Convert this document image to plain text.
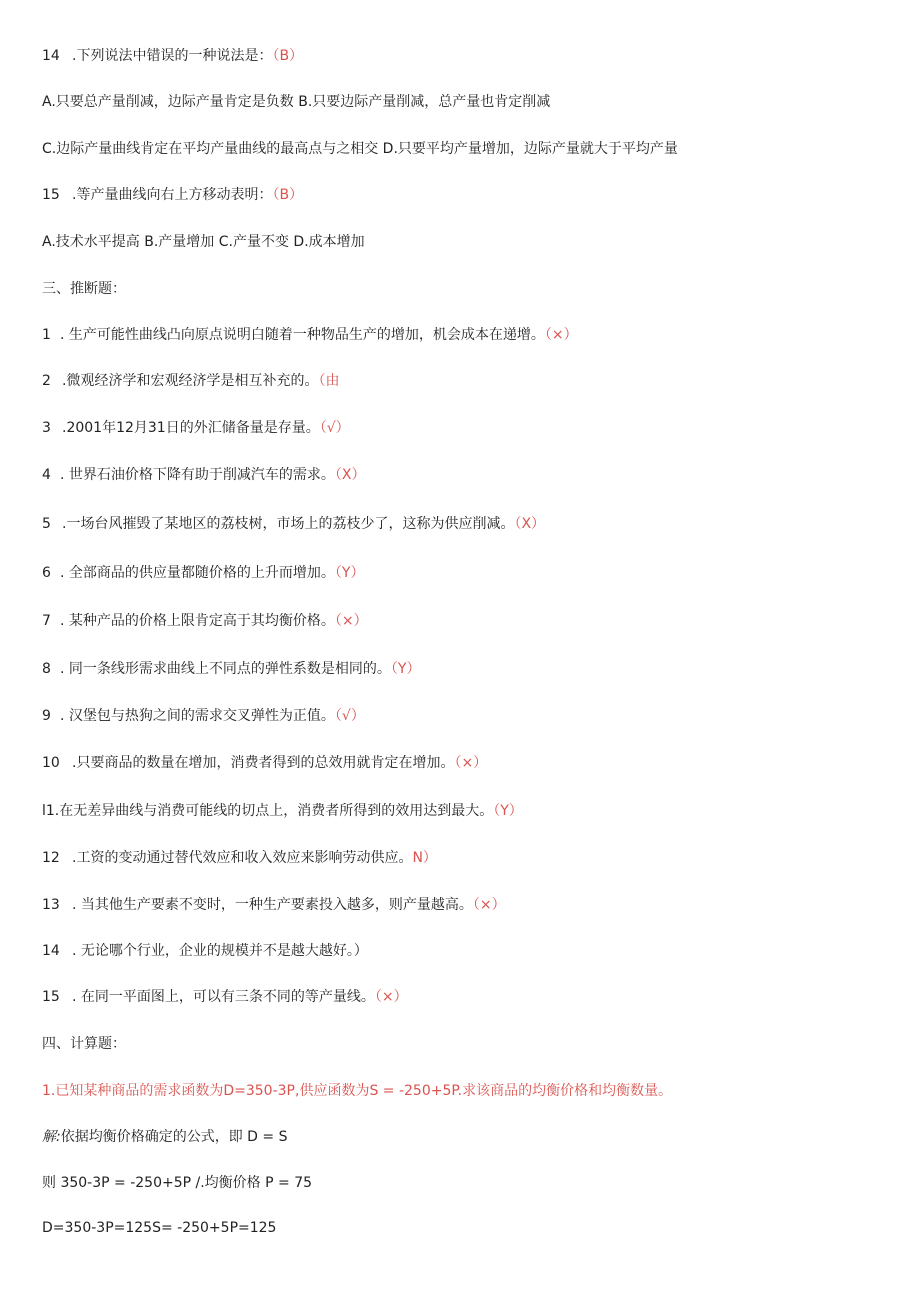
14 .下列说法中错误的一种说法是：（B）
A.只要总产量削减，边际产量肯定是负数 B.只要边际产量削减，总产量也肯定削减
C.边际产量曲线肯定在平均产量曲线的最高点与之相交 D.只要平均产量增加，边际产量就大于平均产量
15 .等产量曲线向右上方移动表明：（B）
A.技术水平提高 B.产量增加 C.产量不变 D.成本增加
三、推断题：
1 . 生产可能性曲线凸向原点说明白随着一种物品生产的增加，机会成本在递增。（×）
2 .微观经济学和宏观经济学是相互补充的。（由
3 .2001年12月31日的外汇储备量是存量。（√）
4 . 世界石油价格下降有助于削减汽车的需求。（X）
5 .一场台风摧毁了某地区的荔枝树，市场上的荔枝少了，这称为供应削减。（X）
6 . 全部商品的供应量都随价格的上升而增加。（Y）
7 . 某种产品的价格上限肯定高于其均衡价格。（×）
8 . 同一条线形需求曲线上不同点的弹性系数是相同的。（Y）
9 . 汉堡包与热狗之间的需求交叉弹性为正值。（√）
10 .只要商品的数量在增加，消费者得到的总效用就肯定在增加。（×）
l1.在无差异曲线与消费可能线的切点上，消费者所得到的效用达到最大。（Y）
12 .工资的变动通过替代效应和收入效应来影响劳动供应。N）
13 . 当其他生产要素不变时，一种生产要素投入越多，则产量越高。（×）
14 . 无论哪个行业，企业的规模并不是越大越好。）
15 . 在同一平面图上，可以有三条不同的等产量线。（×）
四、计算题：
1.已知某种商品的需求函数为D=350-3P,供应函数为S = -250+5P.求该商品的均衡价格和均衡数量。
解:依据均衡价格确定的公式，即 D = S
则 350-3P = -250+5P /.均衡价格 P = 75
D=350-3P=125S= -250+5P=125
